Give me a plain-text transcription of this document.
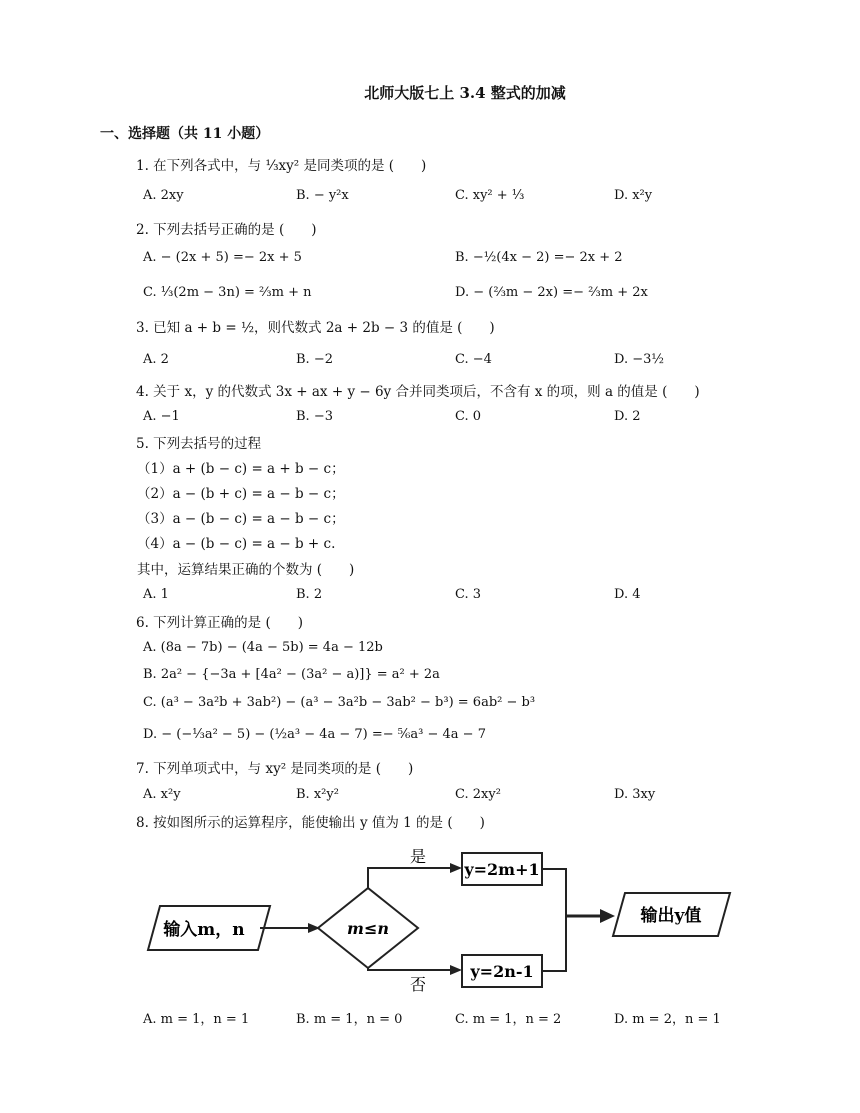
北师大版七上 3.4 整式的加减
一、选择题（共 11 小题）
1. 在下列各式中，与 ⅓xy² 是同类项的是 (　　)
A. 2xy	B. − y²x	C. xy² + ⅓	D. x²y
2. 下列去括号正确的是 (　　)
A. − (2x + 5) =− 2x + 5	B. −½(4x − 2) =− 2x + 2
C. ⅓(2m − 3n) = ⅔m + n	D. − (⅔m − 2x) =− ⅔m + 2x
3. 已知 a + b = ½，则代数式 2a + 2b − 3 的值是 (　　)
A. 2	B. −2	C. −4	D. −3½
4. 关于 x，y 的代数式 3x + ax + y − 6y 合并同类项后，不含有 x 的项，则 a 的值是 (　　)
A. −1	B. −3	C. 0	D. 2
5. 下列去括号的过程
（1）a + (b − c) = a + b − c；
（2）a − (b + c) = a − b − c；
（3）a − (b − c) = a − b − c；
（4）a − (b − c) = a − b + c.
其中，运算结果正确的个数为 (　　)
A. 1	B. 2	C. 3	D. 4
6. 下列计算正确的是 (　　)
A. (8a − 7b) − (4a − 5b) = 4a − 12b
B. 2a² − {−3a + [4a² − (3a² − a)]} = a² + 2a
C. (a³ − 3a²b + 3ab²) − (a³ − 3a²b − 3ab² − b³) = 6ab² − b³
D. − (−⅓a² − 5) − (½a³ − 4a − 7) =− ⅚a³ − 4a − 7
7. 下列单项式中，与 xy² 是同类项的是 (　　)
A. x²y	B. x²y²	C. 2xy²	D. 3xy
8. 按如图所示的运算程序，能使输出 y 值为 1 的是 (　　)
输入m，n	m≤n
是
y=2m+1
否
y=2n-1
输出y值
A. m = 1，n = 1	B. m = 1，n = 0	C. m = 1，n = 2	D. m = 2，n = 1
